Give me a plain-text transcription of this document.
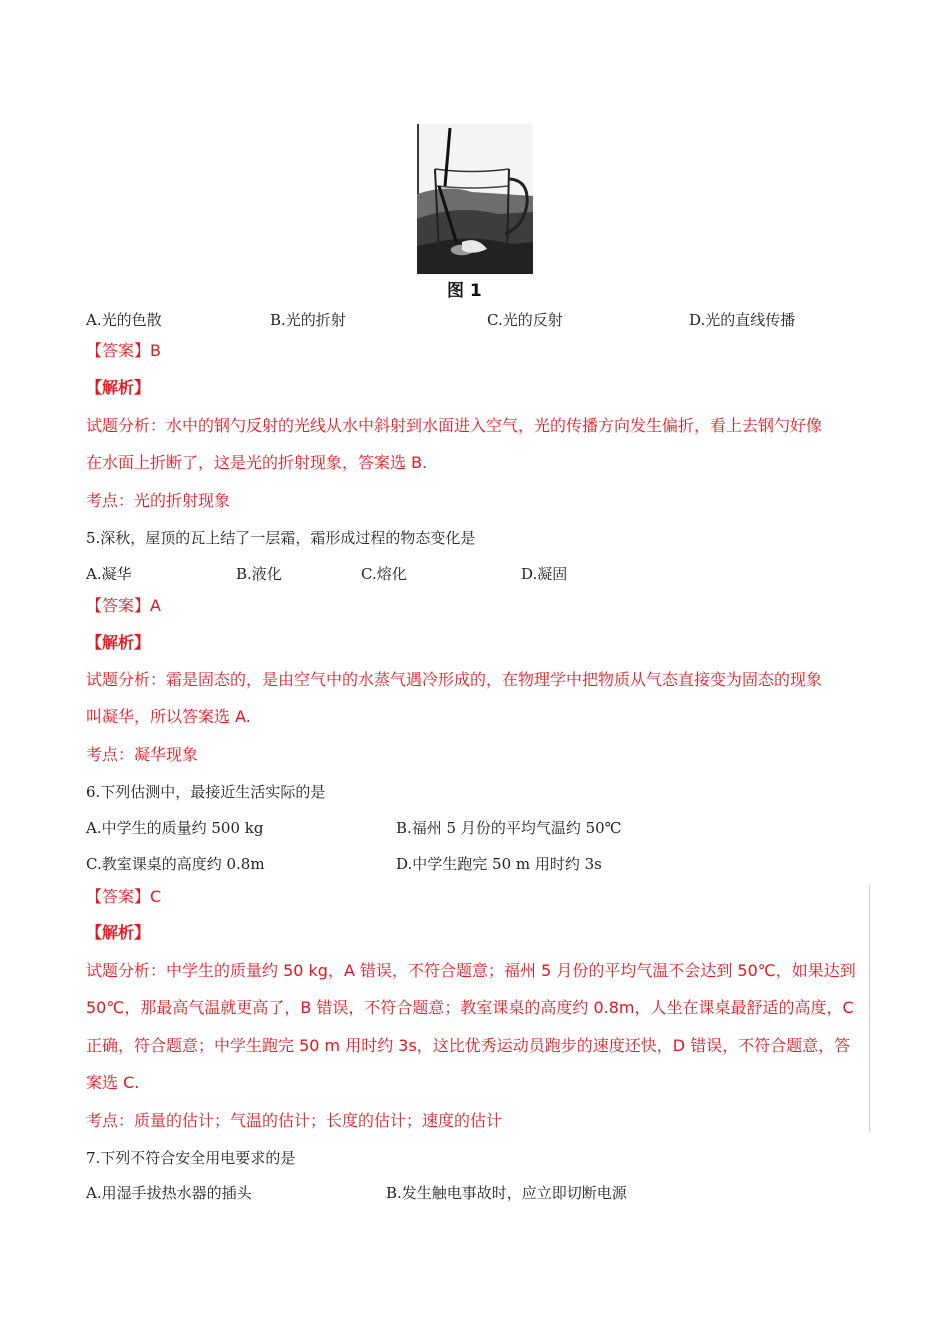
图 1
A.光的色散	B.光的折射	C.光的反射	D.光的直线传播
【答案】B
【解析】
试题分析：水中的钢勺反射的光线从水中斜射到水面进入空气，光的传播方向发生偏折，看上去钢勺好像
在水面上折断了，这是光的折射现象，答案选 B.
考点：光的折射现象
5.深秋，屋顶的瓦上结了一层霜，霜形成过程的物态变化是
A.凝华	B.液化	C.熔化	D.凝固
【答案】A
【解析】
试题分析：霜是固态的，是由空气中的水蒸气遇冷形成的，在物理学中把物质从气态直接变为固态的现象
叫凝华，所以答案选 A.
考点：凝华现象
6.下列估测中，最接近生活实际的是
A.中学生的质量约 500 kg	B.福州 5 月份的平均气温约 50℃
C.教室课桌的高度约 0.8m	D.中学生跑完 50 m 用时约 3s
【答案】C
【解析】
试题分析：中学生的质量约 50 kg，A 错误，不符合题意；福州 5 月份的平均气温不会达到 50℃，如果达到
50℃，那最高气温就更高了，B 错误，不符合题意；教室课桌的高度约 0.8m，人坐在课桌最舒适的高度，C
正确，符合题意；中学生跑完 50 m 用时约 3s，这比优秀运动员跑步的速度还快，D 错误，不符合题意，答
案选 C.
考点：质量的估计；气温的估计；长度的估计；速度的估计
7.下列不符合安全用电要求的是
A.用湿手拔热水器的插头	B.发生触电事故时，应立即切断电源
